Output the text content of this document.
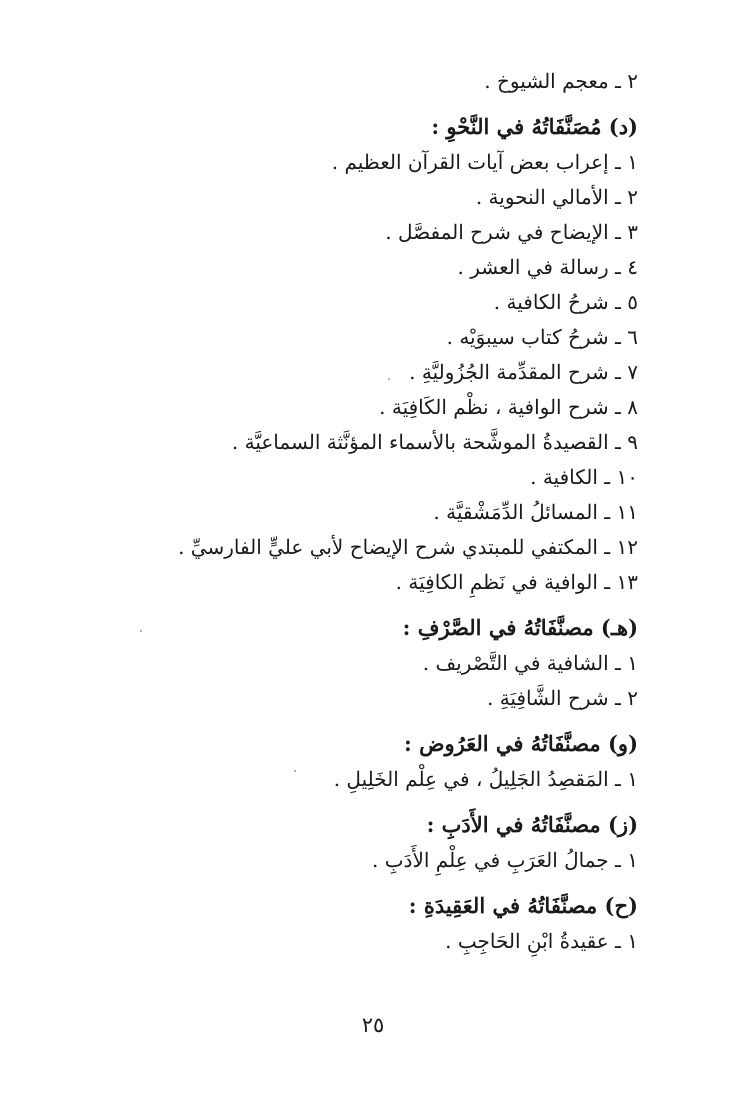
٢ ـ معجم الشيوخ .
(د) مُصَنَّفَاتُهُ في النَّحْوِ :
١ ـ إعراب بعض آيات القرآن العظيم .
٢ ـ الأمالي النحوية .
٣ ـ الإيضاح في شرح المفصَّل .
٤ ـ رسالة في العشر .
٥ ـ شرحُ الكافية .
٦ ـ شرحُ كتاب سيبوَيْه .
٧ ـ شرح المقدِّمة الجُزُوليَّةِ .
٨ ـ شرح الوافية ، نظْم الكَافِيَة .
٩ ـ القصيدةُ الموشَّحة بالأسماء المؤنَّثة السماعيَّة .
١٠ ـ الكافية .
١١ ـ المسائلُ الدِّمَشْقيَّة .
١٢ ـ المكتفي للمبتدي شرح الإيضاح لأبي عليٍّ الفارسيِّ .
١٣ ـ الوافية في نَظمِ الكافِيَة .
(هـ) مصنَّفَاتُهُ في الصَّرْفِ :
١ ـ الشافية في التَّصْريف .
٢ ـ شرح الشَّافِيَةِ .
(و) مصنَّفَاتُهُ في العَرُوض :
١ ـ المَقصِدُ الجَلِيلُ ، في عِلْم الخَلِيلِ .
(ز) مصنَّفَاتُهُ في الأَدَبِ :
١ ـ جمالُ العَرَبِ في عِلْمِ الأَدَبِ .
(ح) مصنَّفَاتُهُ في العَقِيدَةِ :
١ ـ عقيدةُ ابْنِ الحَاجِبِ .
٢٥
